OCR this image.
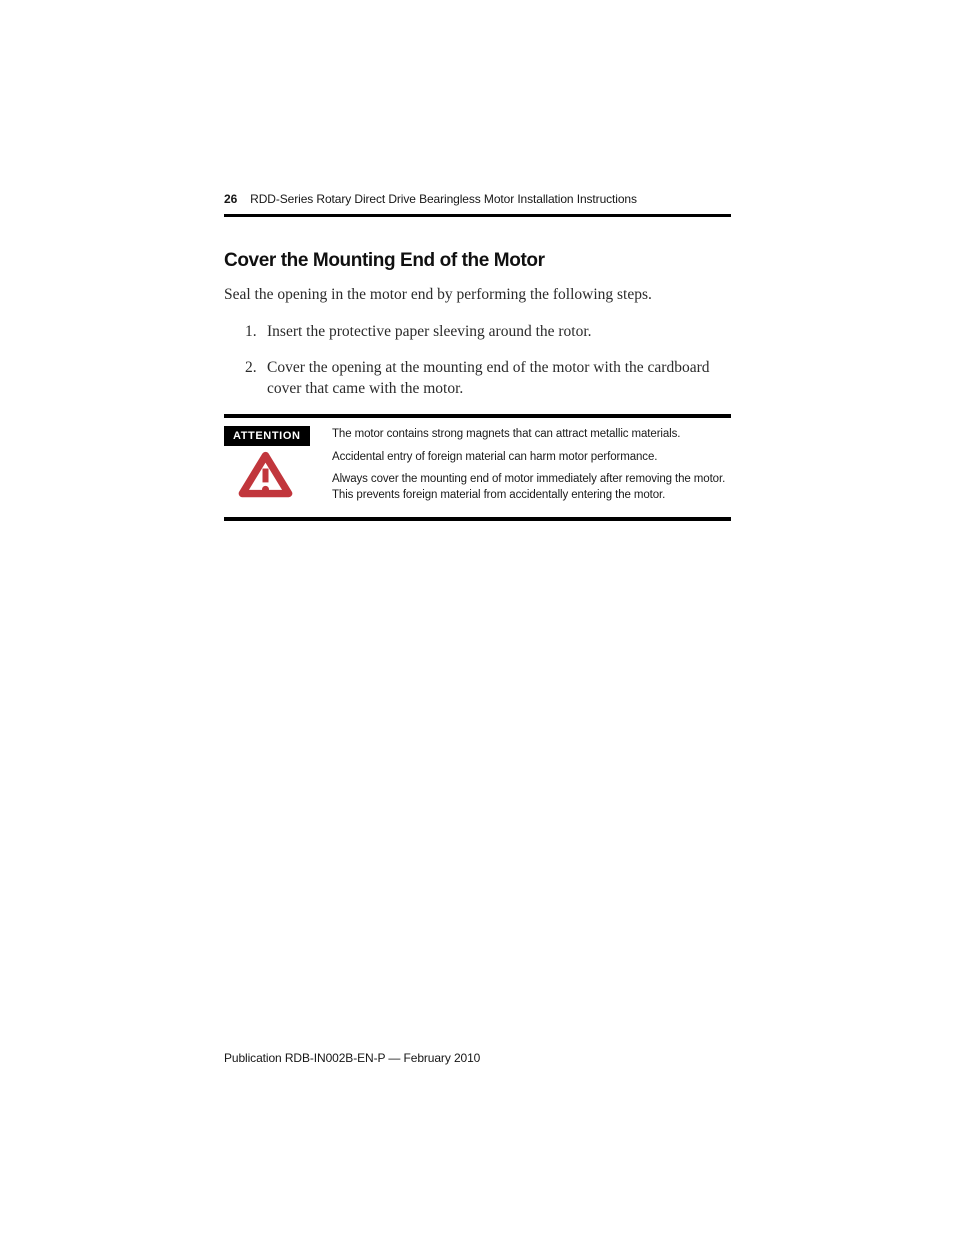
26 RDD-Series Rotary Direct Drive Bearingless Motor Installation Instructions
Cover the Mounting End of the Motor

Seal the opening in the motor end by performing the following steps.

1. Insert the protective paper sleeving around the rotor.
2. Cover the opening at the mounting end of the motor with the cardboard cover that came with the motor.
ATTENTION	The motor contains strong magnets that can attract metallic materials.

Accidental entry of foreign material can harm motor performance.

Always cover the mounting end of motor immediately after removing the motor. This prevents foreign material from accidentally entering the motor.

Publication RDB-IN002B-EN-P — February 2010
